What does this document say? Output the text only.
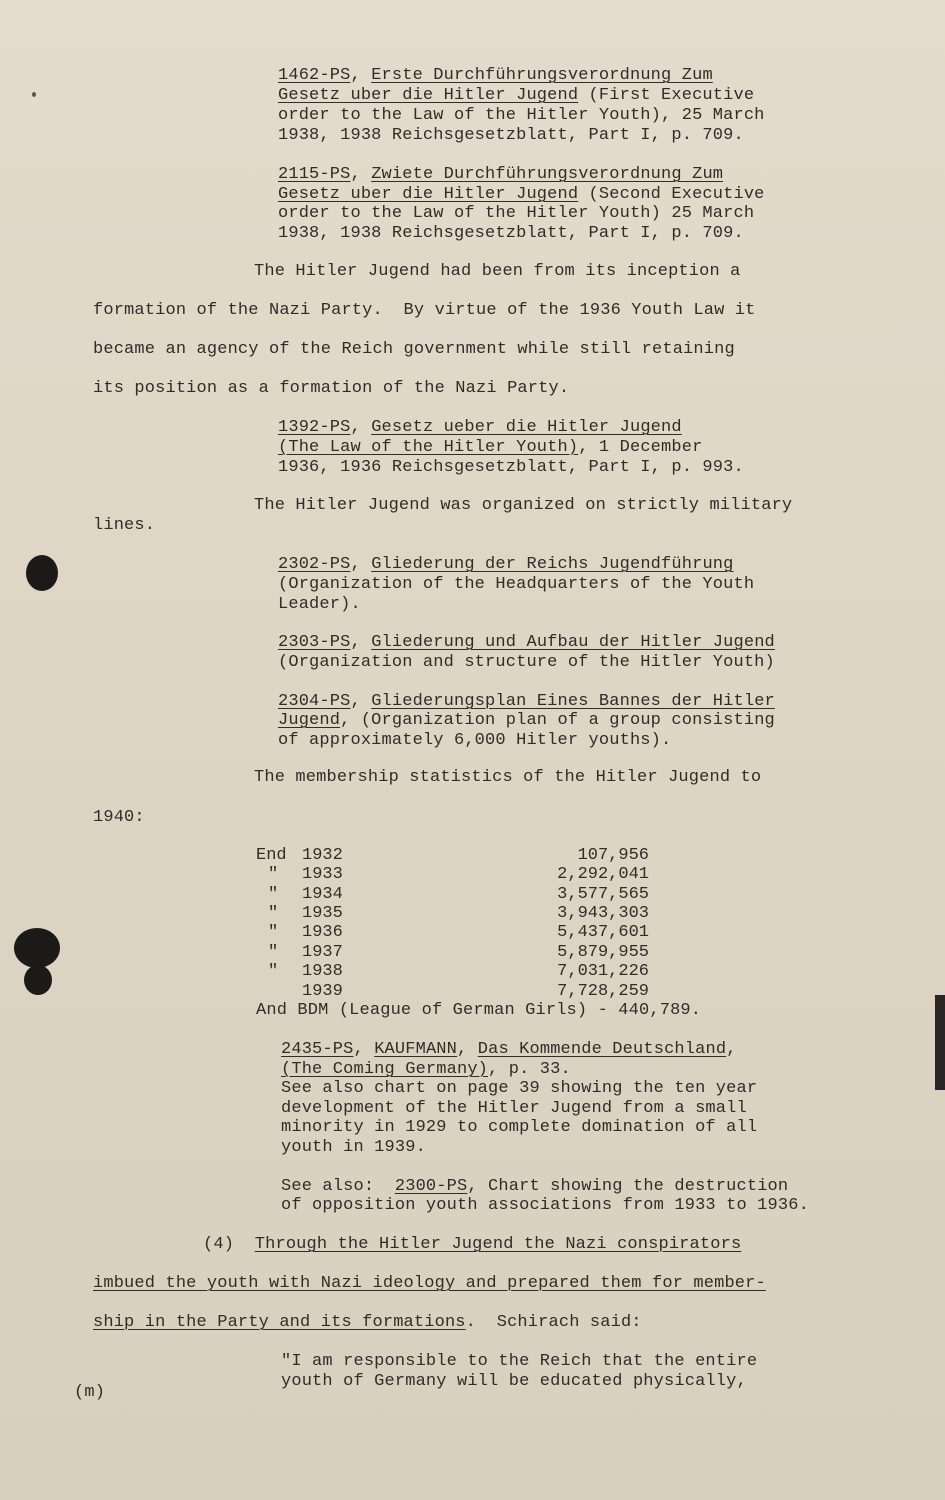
1462-PS, Erste Durchführungsverordnung Zum
Gesetz uber die Hitler Jugend (First Executive
order to the Law of the Hitler Youth), 25 March
1938, 1938 Reichsgesetzblatt, Part I, p. 709.
2115-PS, Zwiete Durchführungsverordnung Zum
Gesetz uber die Hitler Jugend (Second Executive
order to the Law of the Hitler Youth) 25 March
1938, 1938 Reichsgesetzblatt, Part I, p. 709.
The Hitler Jugend had been from its inception a
formation of the Nazi Party.  By virtue of the 1936 Youth Law it
became an agency of the Reich government while still retaining
its position as a formation of the Nazi Party.
1392-PS, Gesetz ueber die Hitler Jugend
(The Law of the Hitler Youth), 1 December
1936, 1936 Reichsgesetzblatt, Part I, p. 993.
The Hitler Jugend was organized on strictly military
lines.
2302-PS, Gliederung der Reichs Jugendführung
(Organization of the Headquarters of the Youth
Leader).
2303-PS, Gliederung und Aufbau der Hitler Jugend
(Organization and structure of the Hitler Youth)
2304-PS, Gliederungsplan Eines Bannes der Hitler
Jugend, (Organization plan of a group consisting
of approximately 6,000 Hitler youths).
The membership statistics of the Hitler Jugend to
1940:
End 1932	107,956
" 1933	2,292,041
" 1934	3,577,565
" 1935	3,943,303
" 1936	5,437,601
" 1937	5,879,955
" 1938	7,031,226
1939	7,728,259
And BDM (League of German Girls) - 440,789.
2435-PS, KAUFMANN, Das Kommende Deutschland,
(The Coming Germany), p. 33.
See also chart on page 39 showing the ten year
development of the Hitler Jugend from a small
minority in 1929 to complete domination of all
youth in 1939.
See also:  2300-PS, Chart showing the destruction
of opposition youth associations from 1933 to 1936.
(4)  Through the Hitler Jugend the Nazi conspirators
imbued the youth with Nazi ideology and prepared them for member-
ship in the Party and its formations.  Schirach said:
"I am responsible to the Reich that the entire
youth of Germany will be educated physically,
(m)
